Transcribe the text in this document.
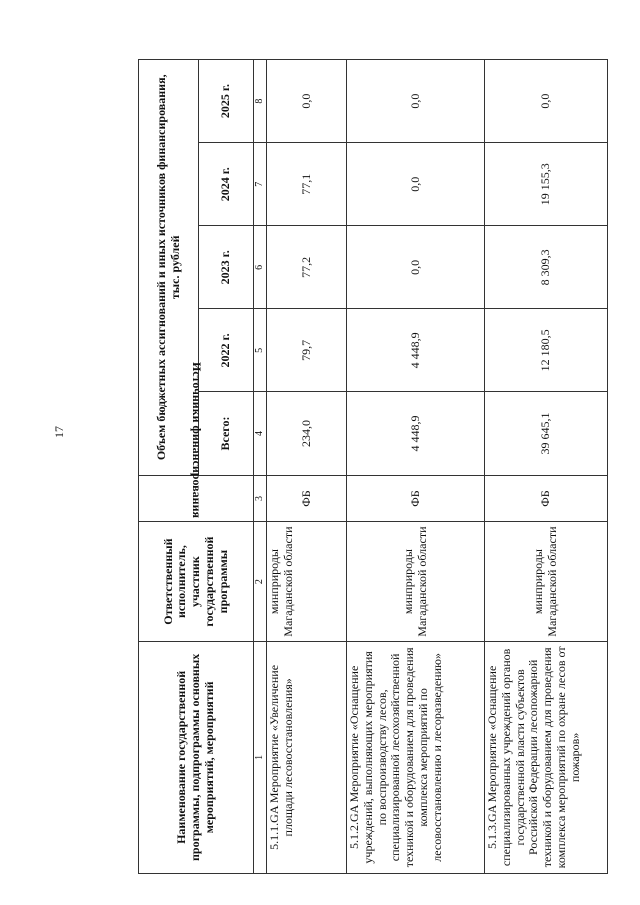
17
Наименование государственной программы, подпрограммы основных мероприятий, мероприятий	Ответственный исполнитель, участник государственной программы	Источники финансирования	Объем бюджетных ассигнований и иных источников финансирования, тыс. рублей				
			Всего:	2022 г.	2023 г.	2024 г.	2025 г.
1	2	3	4	5	6	7	8
5.1.1.GA Мероприятие «Увеличение площади лесовосстановления»	минприроды Магаданской области	ФБ	234,0	79,7	77,2	77,1	0,0
5.1.2.GA Мероприятие «Оснащение учреждений, выполняющих мероприятия по воспроизводству лесов, специализированной лесохозяйственной техникой и оборудованием для проведения комплекса мероприятий по лесовосстановлению и лесоразведению»	минприроды Магаданской области	ФБ	4 448,9	4 448,9	0,0	0,0	0,0
5.1.3.GA Мероприятие «Оснащение специализированных учреждений органов государственной власти субъектов Российской Федерации лесопожарной техникой и оборудованием для проведения комплекса мероприятий по охране лесов от пожаров»	минприроды Магаданской области	ФБ	39 645,1	12 180,5	8 309,3	19 155,3	0,0
